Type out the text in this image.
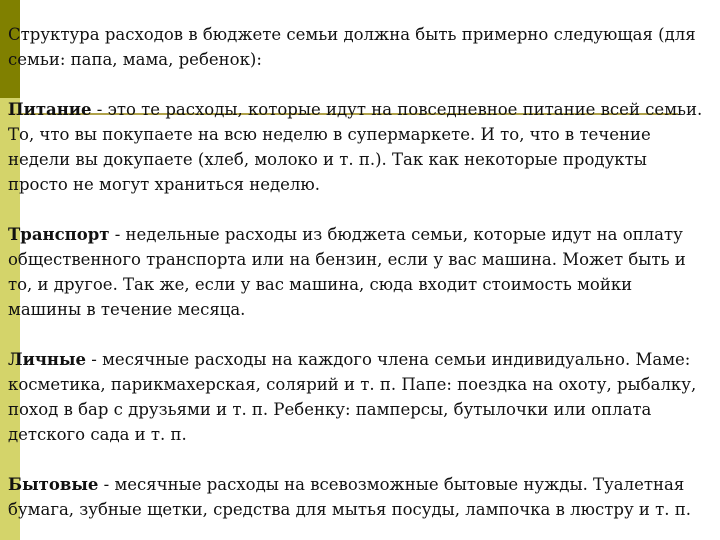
Структура расходов в бюджете семьи должна быть примерно следующая (для семьи: папа, мама, ребенок):

Питание - это те расходы, которые идут на повседневное питание всей семьи. То, что вы покупаете на всю неделю в супермаркете. И то, что в течение недели вы докупаете (хлеб, молоко и т. п.). Так как некоторые продукты просто не могут храниться неделю.

Транспорт - недельные расходы из бюджета семьи, которые идут на оплату общественного транспорта или на бензин, если у вас машина. Может быть и то, и другое. Так же, если у вас машина, сюда входит стоимость мойки машины в течение месяца.

Личные - месячные расходы на каждого члена семьи индивидуально. Маме: косметика, парикмахерская, солярий и т. п. Папе: поездка на охоту, рыбалку, поход в бар с друзьями и т. п. Ребенку: памперсы, бутылочки или оплата детского сада и т. п.

Бытовые - месячные расходы на всевозможные бытовые нужды. Туалетная бумага, зубные щетки, средства для мытья посуды, лампочка в люстру и т. п.
